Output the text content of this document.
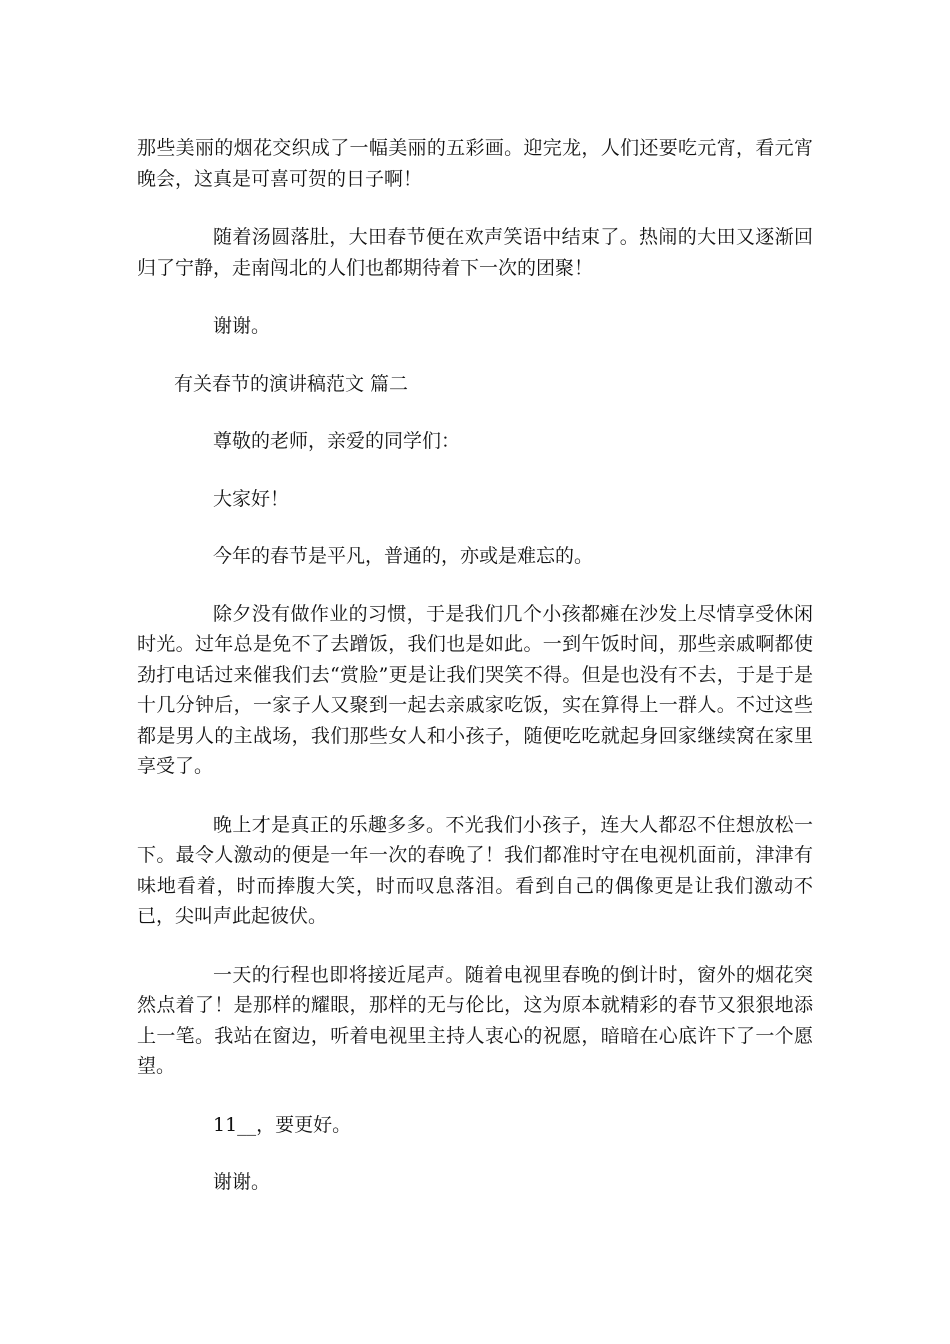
那些美丽的烟花交织成了一幅美丽的五彩画。迎完龙，人们还要吃元宵，看元宵晚会，这真是可喜可贺的日子啊！

随着汤圆落肚，大田春节便在欢声笑语中结束了。热闹的大田又逐渐回归了宁静，走南闯北的人们也都期待着下一次的团聚！

谢谢。

有关春节的演讲稿范文 篇二

尊敬的老师，亲爱的同学们：

大家好！

今年的春节是平凡，普通的，亦或是难忘的。

除夕没有做作业的习惯，于是我们几个小孩都瘫在沙发上尽情享受休闲时光。过年总是免不了去蹭饭，我们也是如此。一到午饭时间，那些亲戚啊都使劲打电话过来催我们去“赏脸”更是让我们哭笑不得。但是也没有不去，于是于是十几分钟后，一家子人又聚到一起去亲戚家吃饭，实在算得上一群人。不过这些都是男人的主战场，我们那些女人和小孩子，随便吃吃就起身回家继续窝在家里享受了。

晚上才是真正的乐趣多多。不光我们小孩子，连大人都忍不住想放松一下。最令人激动的便是一年一次的春晚了！我们都准时守在电视机面前，津津有味地看着，时而捧腹大笑，时而叹息落泪。看到自己的偶像更是让我们激动不已，尖叫声此起彼伏。

一天的行程也即将接近尾声。随着电视里春晚的倒计时，窗外的烟花突然点着了！是那样的耀眼，那样的无与伦比，这为原本就精彩的春节又狠狠地添上一笔。我站在窗边，听着电视里主持人衷心的祝愿，暗暗在心底许下了一个愿望。

11__，要更好。

谢谢。
